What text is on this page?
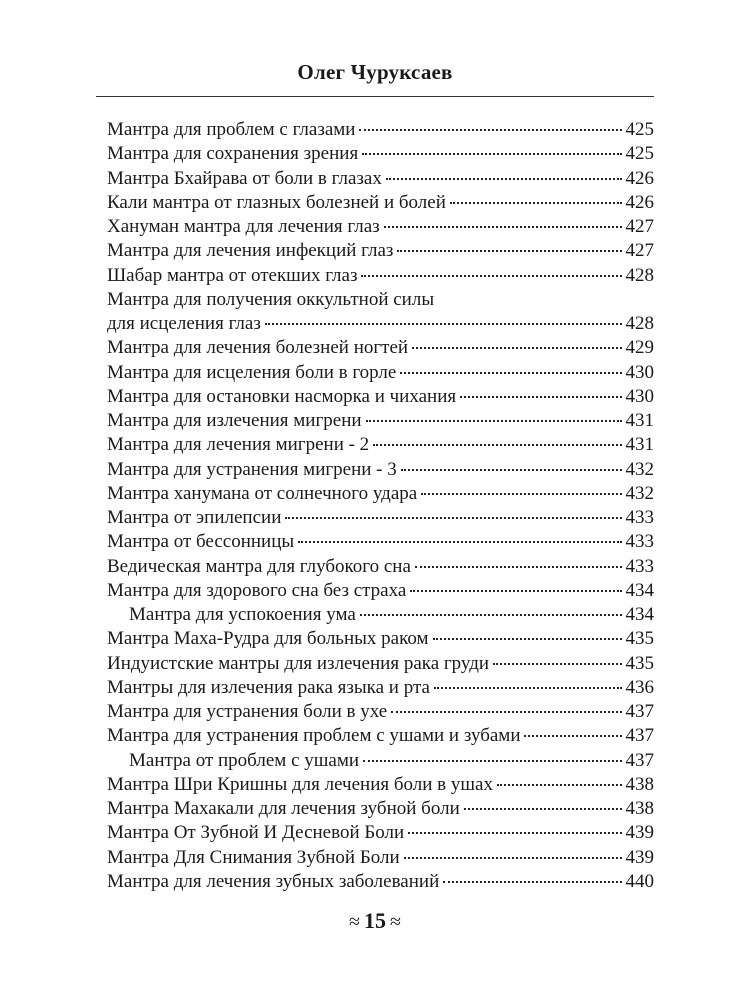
Олег Чуруксаев
Мантра для проблем с глазами	425
Мантра для сохранения зрения	425
Мантра Бхайрава от боли в глазах	426
Кали мантра от глазных болезней и болей	426
Хануман мантра для лечения глаз	427
Мантра для лечения инфекций глаз	427
Шабар мантра от отекших глаз	428
Мантра для получения оккультной силы
для исцеления глаз	428
Мантра для лечения болезней ногтей	429
Мантра для исцеления боли в горле	430
Мантра для остановки насморка и чихания	430
Мантра для излечения мигрени	431
Мантра для лечения мигрени - 2	431
Мантра для устранения мигрени - 3	432
Мантра ханумана от солнечного удара	432
Мантра от эпилепсии	433
Мантра от бессонницы	433
Ведическая мантра для глубокого сна	433
Мантра для здорового сна без страха	434
Мантра для успокоения ума	434
Мантра Маха-Рудра для больных раком	435
Индуистские мантры для излечения рака груди	435
Мантры для излечения рака языка и рта	436
Мантра для устранения боли в ухе	437
Мантра для устранения проблем с ушами и зубами	437
Мантра от проблем с ушами	437
Мантра Шри Кришны для лечения боли в ушах	438
Мантра Махакали для лечения зубной боли	438
Мантра От Зубной И Десневой Боли	439
Мантра Для Снимания Зубной Боли	439
Мантра для лечения зубных заболеваний	440
≈ 15 ≈
